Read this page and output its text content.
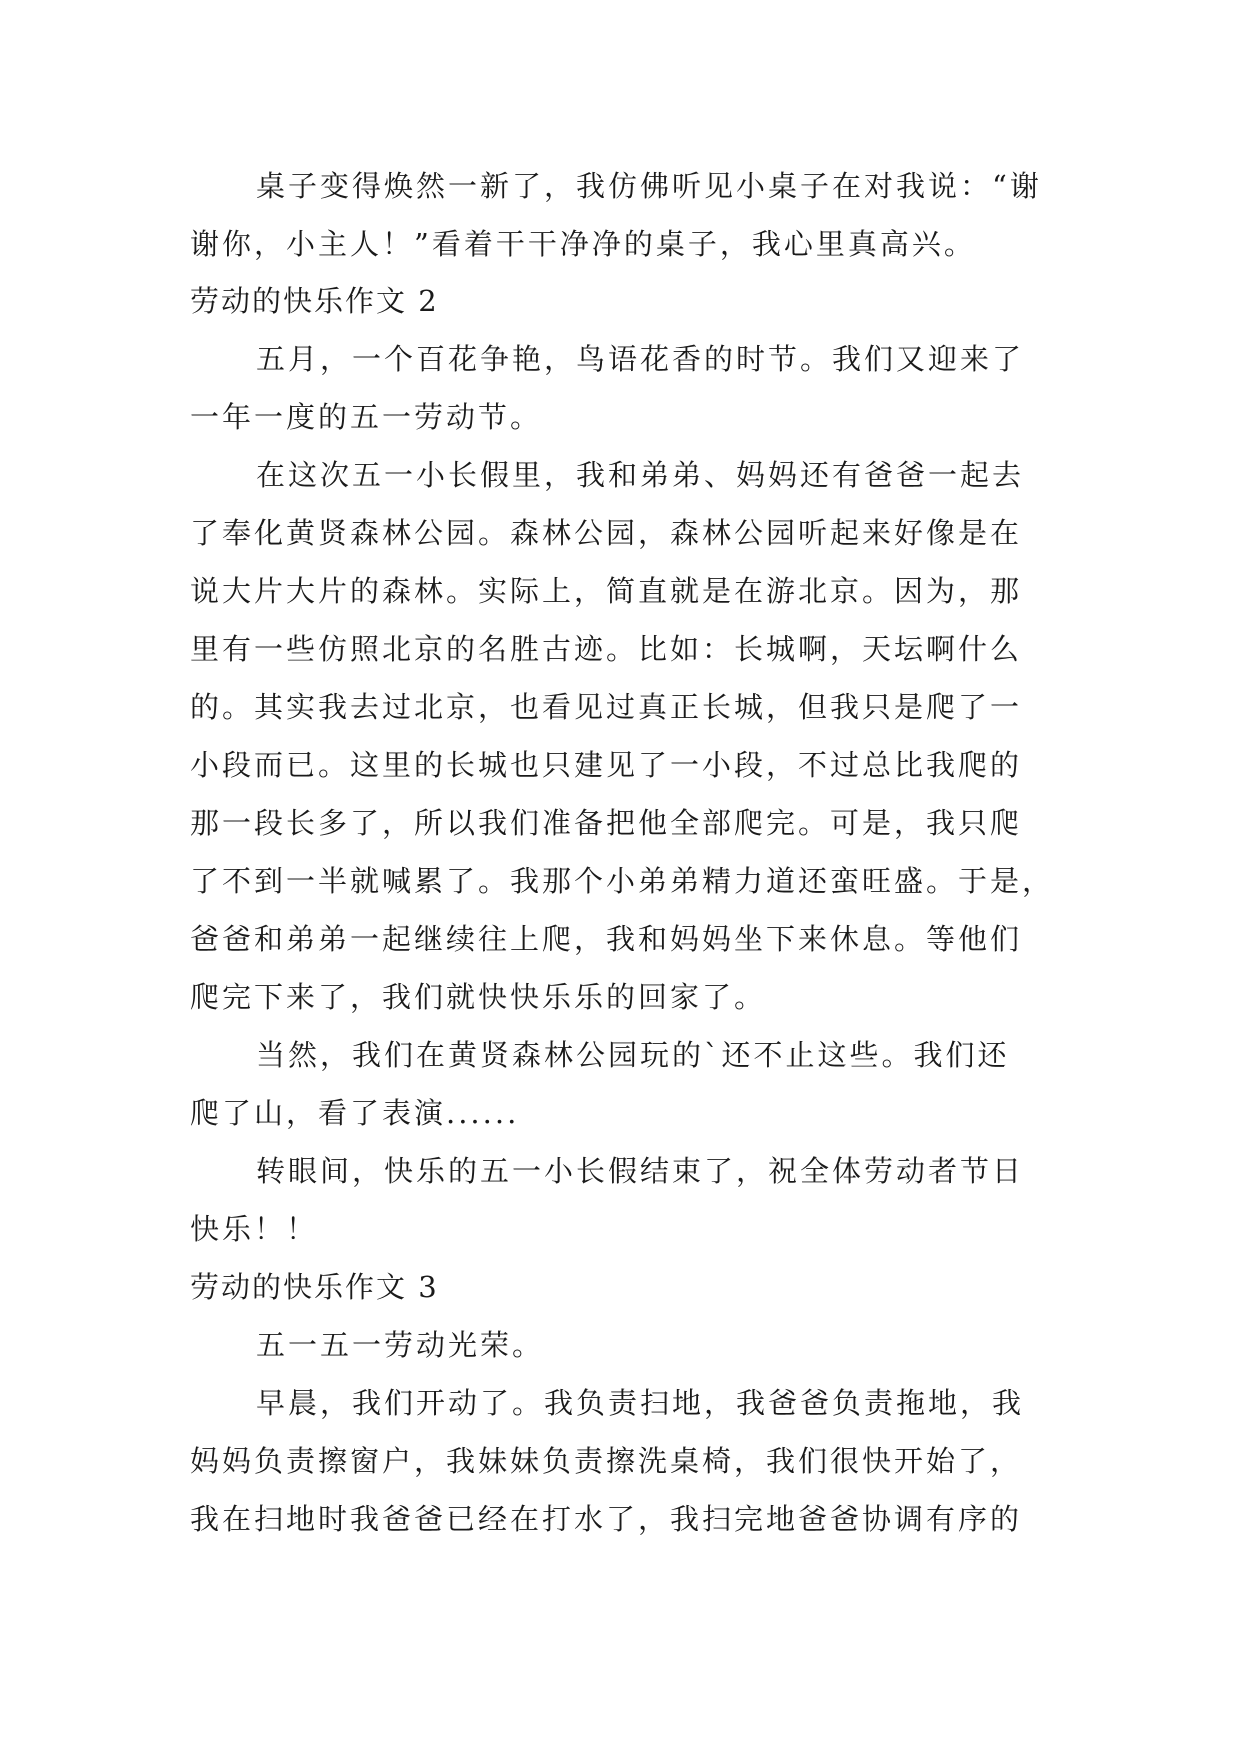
桌子变得焕然一新了，我仿佛听见小桌子在对我说：“谢
谢你，小主人！”看着干干净净的桌子，我心里真高兴。
劳动的快乐作文 2
五月，一个百花争艳，鸟语花香的时节。我们又迎来了
一年一度的五一劳动节。
在这次五一小长假里，我和弟弟、妈妈还有爸爸一起去
了奉化黄贤森林公园。森林公园，森林公园听起来好像是在
说大片大片的森林。实际上，简直就是在游北京。因为，那
里有一些仿照北京的名胜古迹。比如：长城啊，天坛啊什么
的。其实我去过北京，也看见过真正长城，但我只是爬了一
小段而已。这里的长城也只建见了一小段，不过总比我爬的
那一段长多了，所以我们准备把他全部爬完。可是，我只爬
了不到一半就喊累了。我那个小弟弟精力道还蛮旺盛。于是，
爸爸和弟弟一起继续往上爬，我和妈妈坐下来休息。等他们
爬完下来了，我们就快快乐乐的回家了。
当然，我们在黄贤森林公园玩的`还不止这些。我们还
爬了山，看了表演......
转眼间，快乐的五一小长假结束了，祝全体劳动者节日
快乐！！
劳动的快乐作文 3
五一五一劳动光荣。
早晨，我们开动了。我负责扫地，我爸爸负责拖地，我
妈妈负责擦窗户，我妹妹负责擦洗桌椅，我们很快开始了，
我在扫地时我爸爸已经在打水了，我扫完地爸爸协调有序的
